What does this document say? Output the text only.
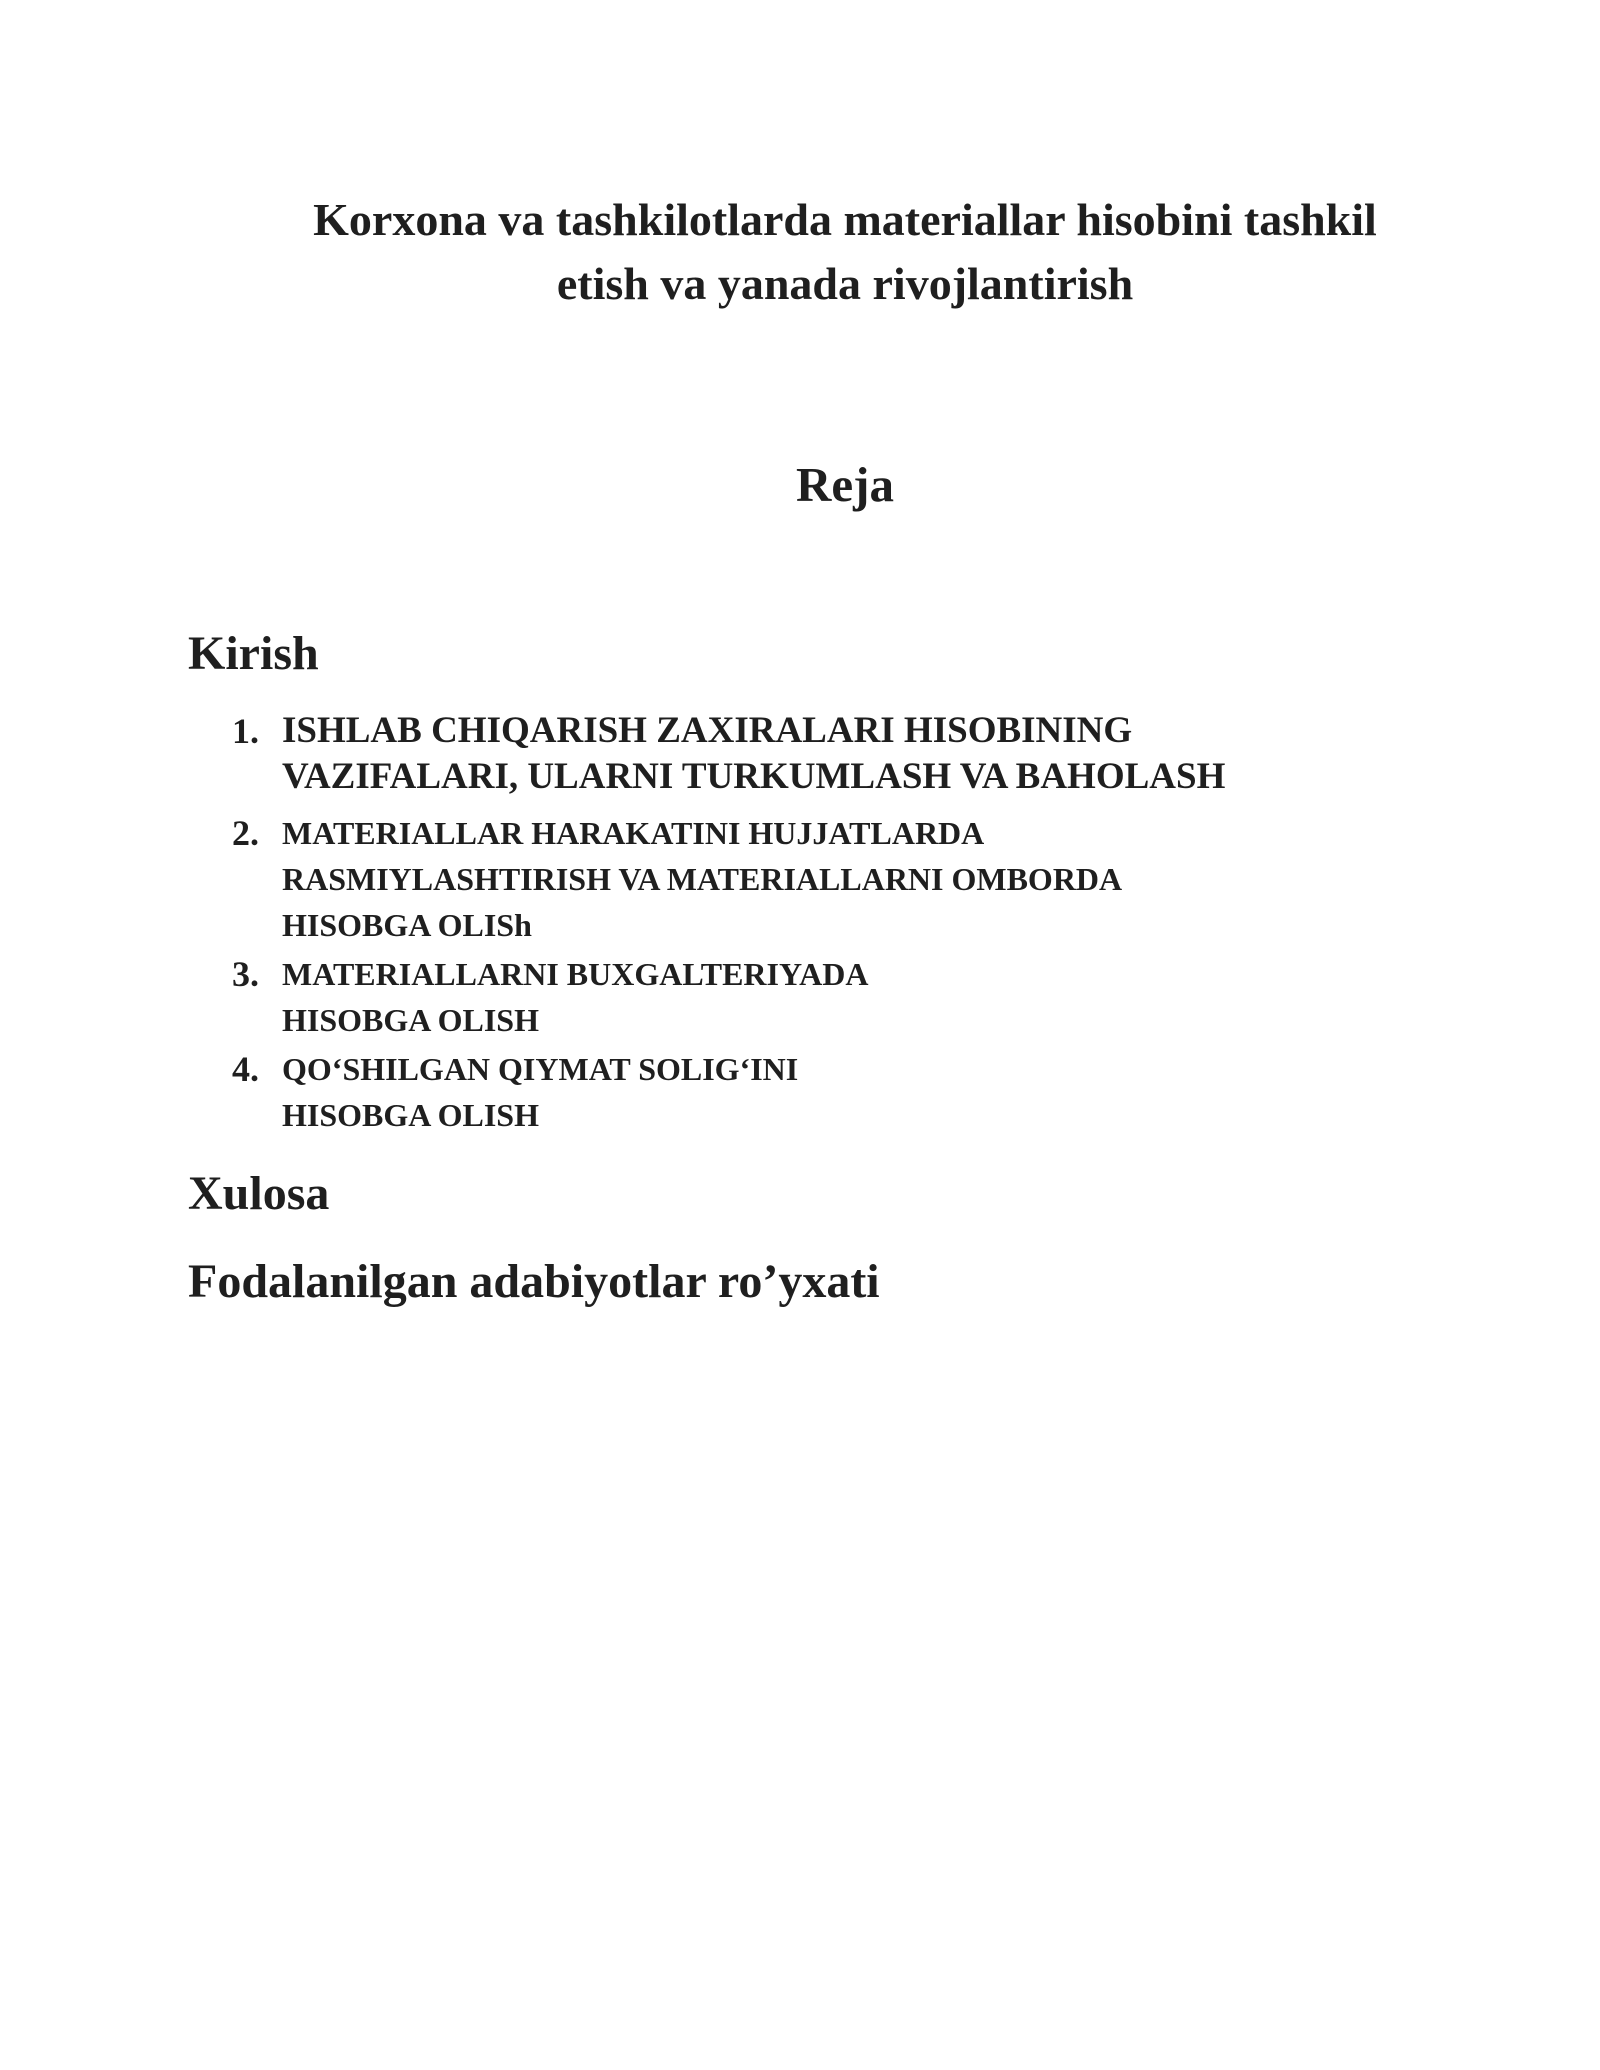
Korxona va tashkilotlarda materiallar hisobini tashkil
etish va yanada rivojlantirish
Reja
Kirish
1. ISHLAB CHIQARISH ZAXIRALARI HISOBINING
VAZIFALARI, ULARNI TURKUMLASH VA BAHOLASH
2. MATERIALLAR HARAKATINI HUJJATLARDA
RASMIYLASHTIRISH VA MATERIALLARNI OMBORDA
HISOBGA OLISh
3. MATERIALLARNI BUXGALTERIYADA
HISOBGA OLISH
4. QO‘SHILGAN QIYMAT SOLIG‘INI
HISOBGA OLISH
Xulosa
Fodalanilgan adabiyotlar ro’yxati
